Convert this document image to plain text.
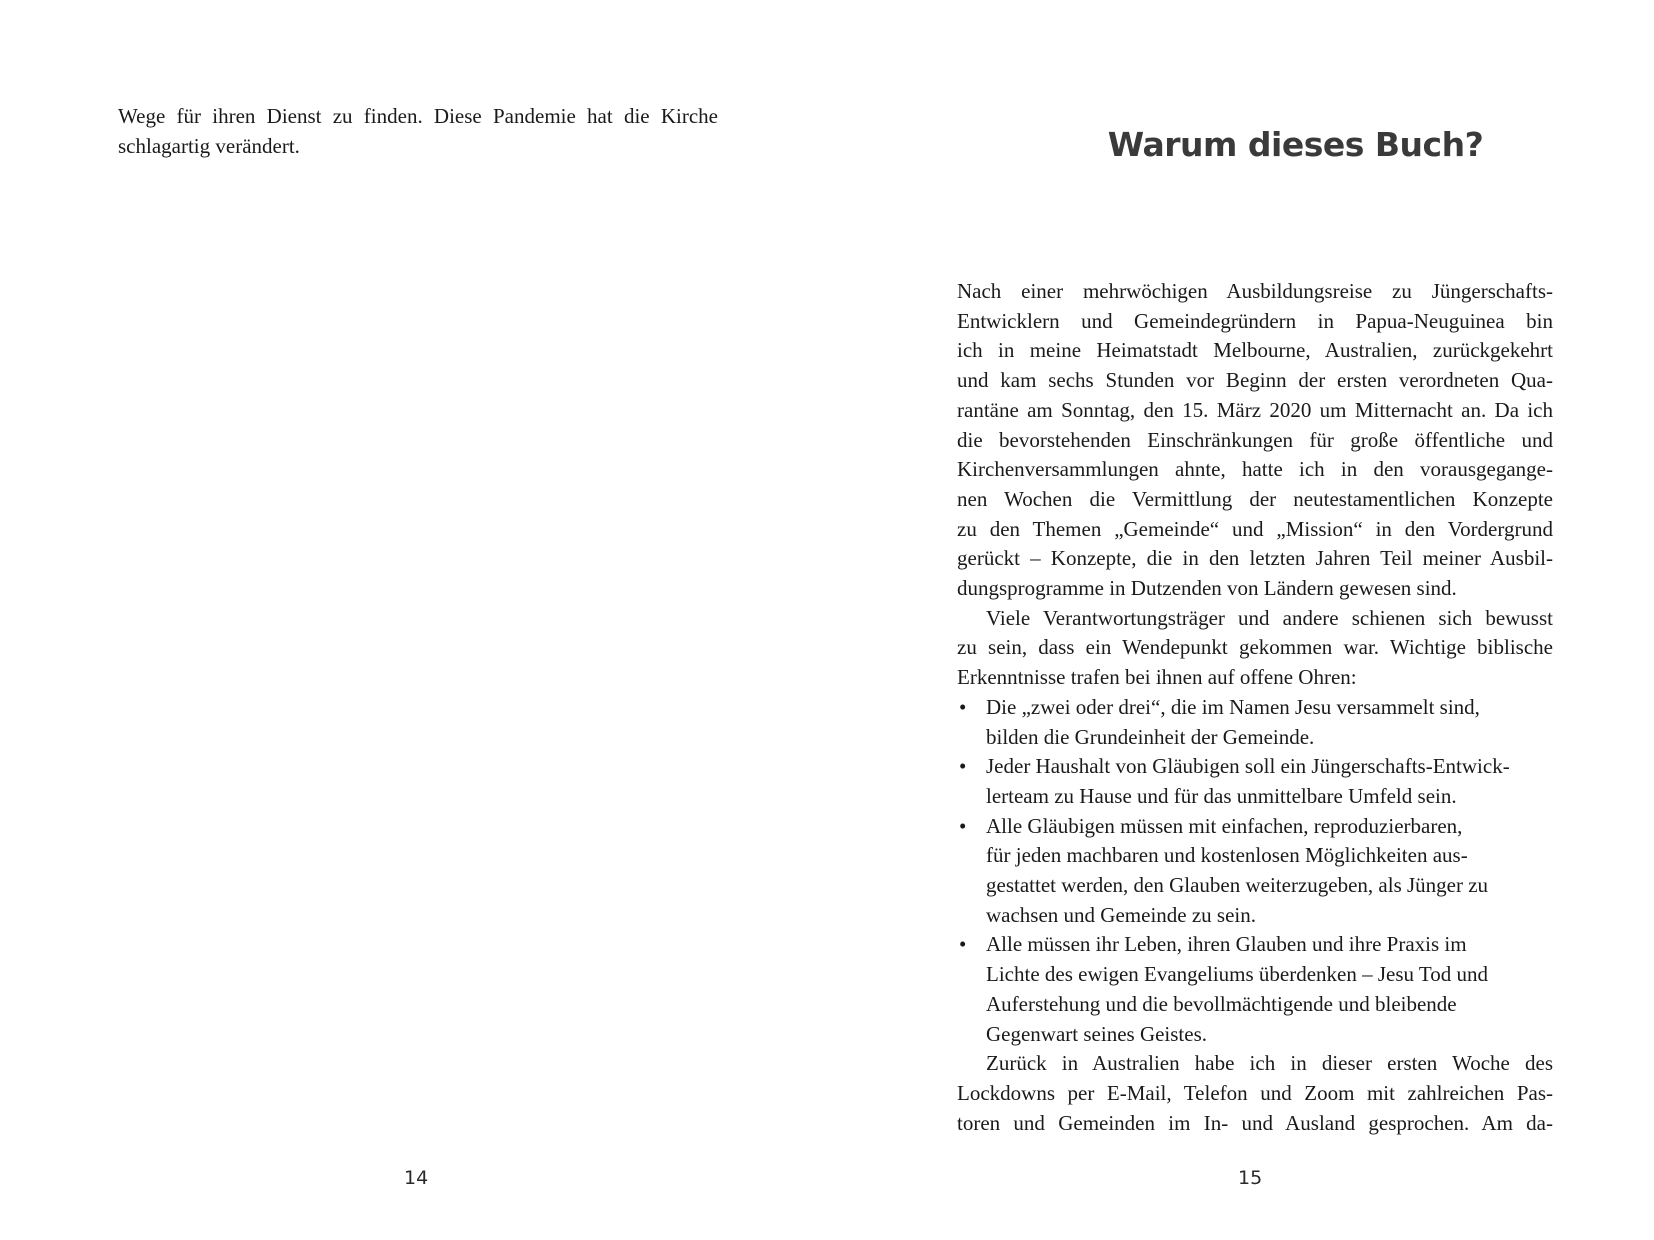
Wege für ihren Dienst zu finden. Diese Pandemie hat die Kirche
schlagartig verändert.
14
Warum dieses Buch?
Nach einer mehrwöchigen Ausbildungsreise zu Jüngerschafts-
Entwicklern und Gemeindegründern in Papua-Neuguinea bin
ich in meine Heimatstadt Melbourne, Australien, zurückgekehrt
und kam sechs Stunden vor Beginn der ersten verordneten Qua-
rantäne am Sonntag, den 15. März 2020 um Mitternacht an. Da ich
die bevorstehenden Einschränkungen für große öffentliche und
Kirchenversammlungen ahnte, hatte ich in den vorausgegange-
nen Wochen die Vermittlung der neutestamentlichen Konzepte
zu den Themen „Gemeinde“ und „Mission“ in den Vordergrund
gerückt – Konzepte, die in den letzten Jahren Teil meiner Ausbil-
dungsprogramme in Dutzenden von Ländern gewesen sind.
Viele Verantwortungsträger und andere schienen sich bewusst
zu sein, dass ein Wendepunkt gekommen war. Wichtige biblische
Erkenntnisse trafen bei ihnen auf offene Ohren:
• Die „zwei oder drei“, die im Namen Jesu versammelt sind,
bilden die Grundeinheit der Gemeinde.
• Jeder Haushalt von Gläubigen soll ein Jüngerschafts-Entwick-
lerteam zu Hause und für das unmittelbare Umfeld sein.
• Alle Gläubigen müssen mit einfachen, reproduzierbaren,
für jeden machbaren und kostenlosen Möglichkeiten aus-
gestattet werden, den Glauben weiterzugeben, als Jünger zu
wachsen und Gemeinde zu sein.
• Alle müssen ihr Leben, ihren Glauben und ihre Praxis im
Lichte des ewigen Evangeliums überdenken – Jesu Tod und
Auferstehung und die bevollmächtigende und bleibende
Gegenwart seines Geistes.
Zurück in Australien habe ich in dieser ersten Woche des
Lockdowns per E-Mail, Telefon und Zoom mit zahlreichen Pas-
toren und Gemeinden im In- und Ausland gesprochen. Am da-
15
